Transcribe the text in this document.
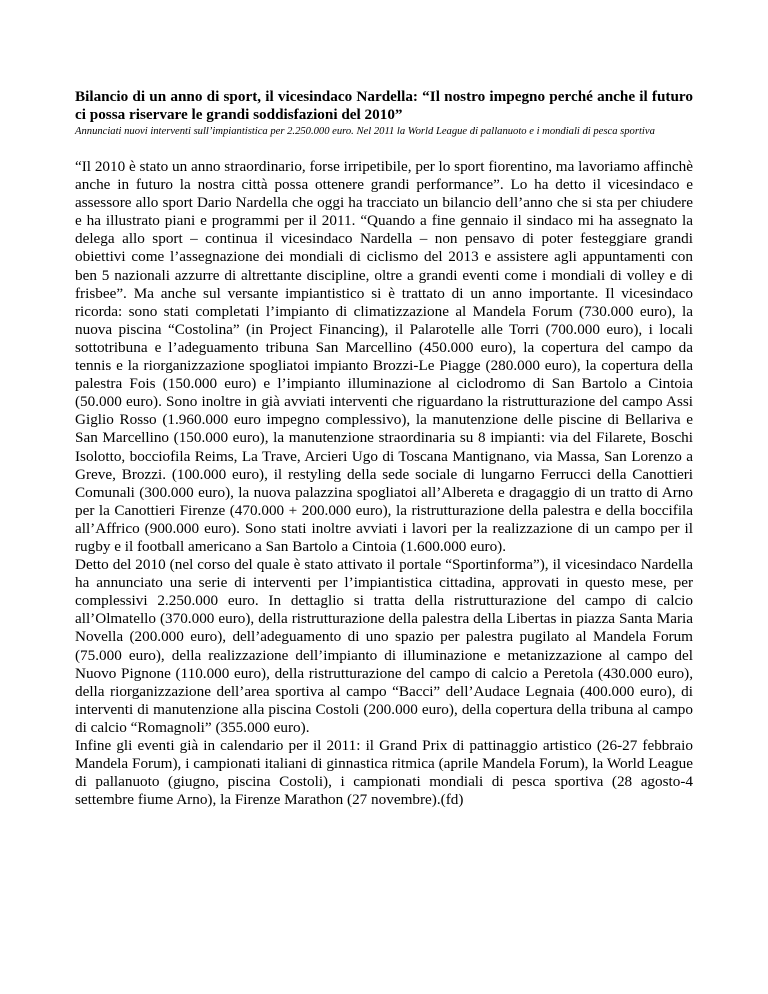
Bilancio di un anno di sport, il vicesindaco Nardella: “Il nostro impegno perché anche il futuro ci possa riservare le grandi soddisfazioni del 2010”
Annunciati nuovi interventi sull’impiantistica per 2.250.000 euro. Nel 2011 la World League di pallanuoto e i mondiali di pesca sportiva

“Il 2010 è stato un anno straordinario, forse irripetibile, per lo sport fiorentino, ma lavoriamo affinchè anche in futuro la nostra città possa ottenere grandi performance”. Lo ha detto il vicesindaco e assessore allo sport Dario Nardella che oggi ha tracciato un bilancio dell’anno che si sta per chiudere e ha illustrato piani e programmi per il 2011. “Quando a fine gennaio il sindaco mi ha assegnato la delega allo sport – continua il vicesindaco Nardella – non pensavo di poter festeggiare grandi obiettivi come l’assegnazione dei mondiali di ciclismo del 2013 e assistere agli appuntamenti con ben 5 nazionali azzurre di altrettante discipline, oltre a grandi eventi come i mondiali di volley e di frisbee”. Ma anche sul versante impiantistico si è trattato di un anno importante. Il vicesindaco ricorda: sono stati completati l’impianto di climatizzazione al Mandela Forum (730.000 euro), la nuova piscina “Costolina” (in Project Financing), il Palarotelle alle Torri (700.000 euro), i locali sottotribuna e l’adeguamento tribuna San Marcellino (450.000 euro), la copertura del campo da tennis e la riorganizzazione spogliatoi impianto Brozzi-Le Piagge (280.000 euro), la copertura della palestra Fois (150.000 euro) e l’impianto illuminazione al ciclodromo di San Bartolo a Cintoia (50.000 euro). Sono inoltre in già avviati interventi che riguardano la ristrutturazione del campo Assi Giglio Rosso (1.960.000 euro impegno complessivo), la manutenzione delle piscine di Bellariva e San Marcellino (150.000 euro), la manutenzione straordinaria su 8 impianti: via del Filarete, Boschi Isolotto, bocciofila Reims, La Trave, Arcieri Ugo di Toscana Mantignano, via Massa, San Lorenzo a Greve, Brozzi. (100.000 euro), il restyling della sede sociale di lungarno Ferrucci della Canottieri Comunali (300.000 euro), la nuova palazzina spogliatoi all’Albereta e dragaggio di un tratto di Arno per la Canottieri Firenze (470.000 + 200.000 euro), la ristrutturazione della palestra e della boccifila all’Affrico (900.000 euro). Sono stati inoltre avviati i lavori per la realizzazione di un campo per il rugby e il football americano a San Bartolo a Cintoia (1.600.000 euro).

Detto del 2010 (nel corso del quale è stato attivato il portale “Sportinforma”), il vicesindaco Nardella ha annunciato una serie di interventi per l’impiantistica cittadina, approvati in questo mese, per complessivi 2.250.000 euro. In dettaglio si tratta della ristrutturazione del campo di calcio all’Olmatello (370.000 euro), della ristrutturazione della palestra della Libertas in piazza Santa Maria Novella (200.000 euro), dell’adeguamento di uno spazio per palestra pugilato al Mandela Forum (75.000 euro), della realizzazione dell’impianto di illuminazione e metanizzazione al campo del Nuovo Pignone (110.000 euro), della ristrutturazione del campo di calcio a Peretola (430.000 euro), della riorganizzazione dell’area sportiva al campo “Bacci” dell’Audace Legnaia (400.000 euro), di interventi di manutenzione alla piscina Costoli (200.000 euro), della copertura della tribuna al campo di calcio “Romagnoli” (355.000 euro).

Infine gli eventi già in calendario per il 2011: il Grand Prix di pattinaggio artistico (26-27 febbraio Mandela Forum), i campionati italiani di ginnastica ritmica (aprile Mandela Forum), la World League di pallanuoto (giugno, piscina Costoli), i campionati mondiali di pesca sportiva (28 agosto-4 settembre fiume Arno), la Firenze Marathon (27 novembre).(fd)
